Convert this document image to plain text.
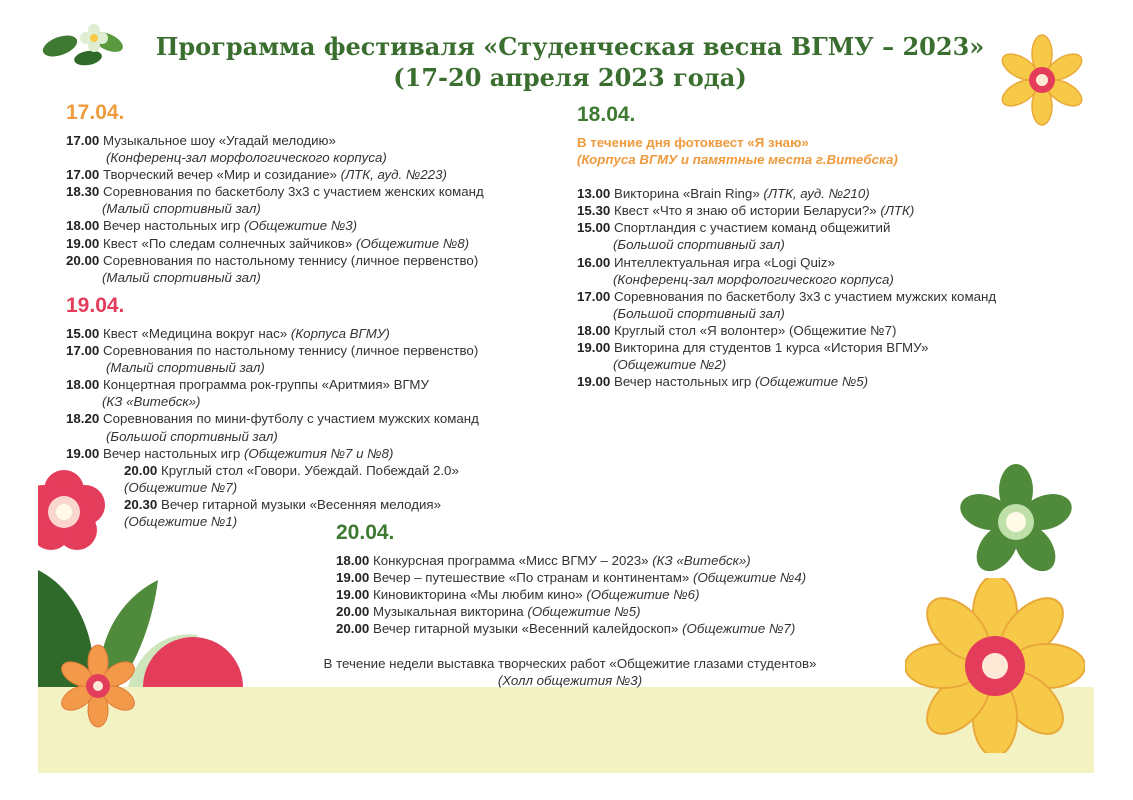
Программа фестиваля «Студенческая весна ВГМУ – 2023»
(17-20 апреля 2023 года)
17.04.
17.00 Музыкальное шоу «Угадай мелодию»
(Конференц-зал морфологического корпуса)
17.00 Творческий вечер «Мир и созидание» (ЛТК, ауд. №223)
18.30 Соревнования по баскетболу 3х3 с участием женских команд
(Малый спортивный зал)
18.00 Вечер настольных игр (Общежитие №3)
19.00 Квест «По следам солнечных зайчиков» (Общежитие №8)
20.00 Соревнования по настольному теннису (личное первенство)
(Малый спортивный зал)
19.04.
15.00 Квест «Медицина вокруг нас» (Корпуса ВГМУ)
17.00 Соревнования по настольному теннису (личное первенство)
(Малый спортивный зал)
18.00 Концертная программа рок-группы «Аритмия» ВГМУ
(КЗ «Витебск»)
18.20 Соревнования по мини-футболу с участием мужских команд
(Большой спортивный зал)
19.00 Вечер настольных игр (Общежития №7 и №8)
20.00 Круглый стол «Говори. Убеждай. Побеждай 2.0»
(Общежитие №7)
20.30 Вечер гитарной музыки «Весенняя мелодия»
(Общежитие №1)
18.04.
В течение дня фотоквест «Я знаю»
(Корпуса ВГМУ и памятные места г.Витебска)
13.00 Викторина «Brain Ring» (ЛТК, ауд. №210)
15.30 Квест «Что я знаю об истории Беларуси?» (ЛТК)
15.00 Спортландия с участием команд общежитий
(Большой спортивный зал)
16.00 Интеллектуальная игра «Logi Quiz»
(Конференц-зал морфологического корпуса)
17.00 Соревнования по баскетболу 3х3 с участием мужских команд
(Большой спортивный зал)
18.00 Круглый стол «Я волонтер» (Общежитие №7)
19.00 Викторина для студентов 1 курса «История ВГМУ»
(Общежитие №2)
19.00 Вечер настольных игр (Общежитие №5)
20.04.
18.00 Конкурсная программа «Мисс ВГМУ – 2023» (КЗ «Витебск»)
19.00 Вечер – путешествие «По странам и континентам» (Общежитие №4)
19.00 Киновикторина «Мы любим кино» (Общежитие №6)
20.00 Музыкальная викторина (Общежитие №5)
20.00 Вечер гитарной музыки «Весенний калейдоскоп» (Общежитие №7)
В течение недели выставка творческих работ «Общежитие глазами студентов»
(Холл общежития №3)
